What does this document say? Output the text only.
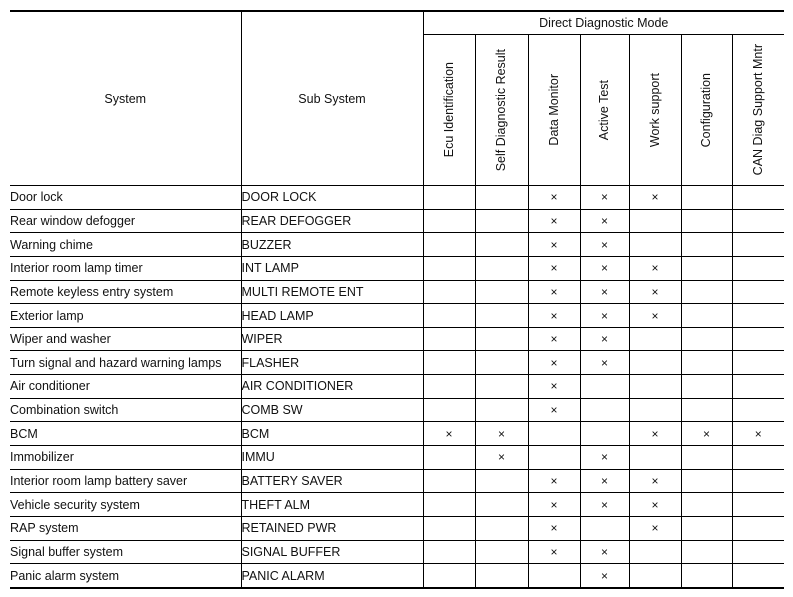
System	Sub System	Direct Diagnostic Mode						

		Ecu Identification	Self Diagnostic Result	Data Monitor	Active Test	Work support	Configuration	CAN Diag Support Mntr

Door lock	DOOR LOCK			×	×	×		
Rear window defogger	REAR DEFOGGER			×	×			
Warning chime	BUZZER			×	×			
Interior room lamp timer	INT LAMP			×	×	×		
Remote keyless entry system	MULTI REMOTE ENT			×	×	×		
Exterior lamp	HEAD LAMP			×	×	×		
Wiper and washer	WIPER			×	×			
Turn signal and hazard warning lamps	FLASHER			×	×			
Air conditioner	AIR CONDITIONER			×				
Combination switch	COMB SW			×				
BCM	BCM	×	×			×	×	×
Immobilizer	IMMU		×		×			
Interior room lamp battery saver	BATTERY SAVER			×	×	×		
Vehicle security system	THEFT ALM			×	×	×		
RAP system	RETAINED PWR			×		×		
Signal buffer system	SIGNAL BUFFER			×	×			
Panic alarm system	PANIC ALARM				×			
